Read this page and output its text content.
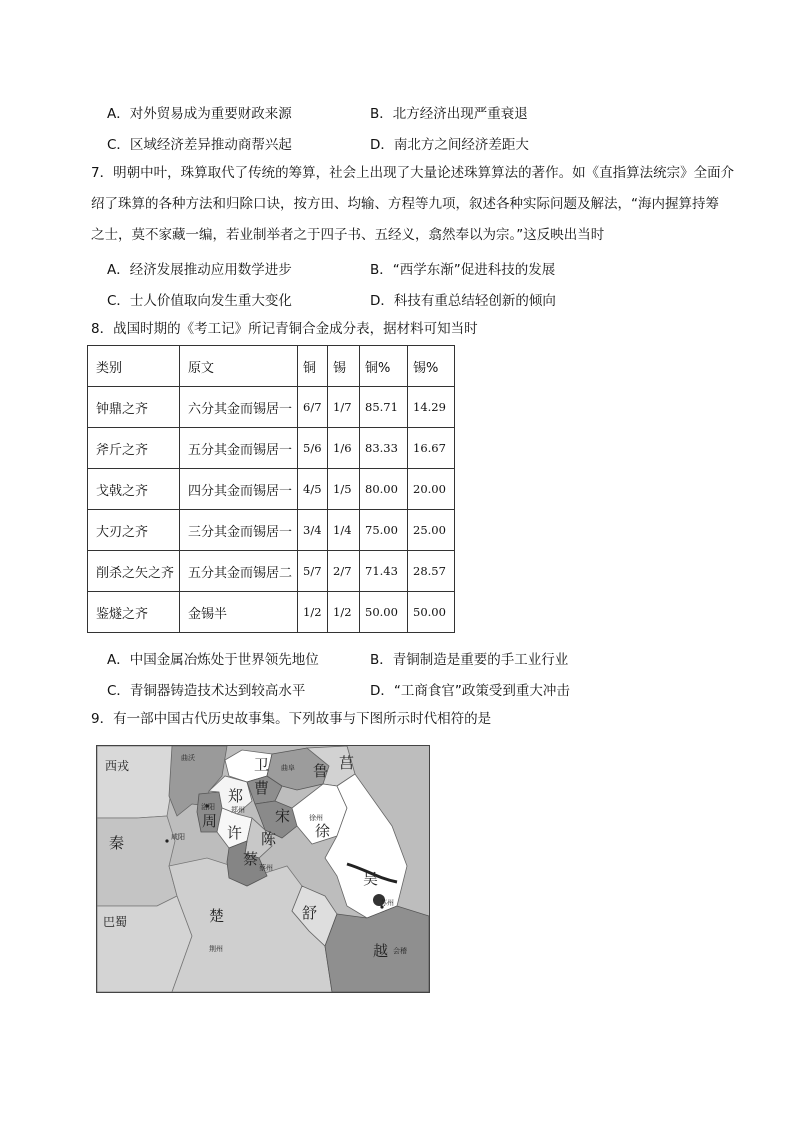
A．对外贸易成为重要财政来源	B．北方经济出现严重衰退
C．区域经济差异推动商帮兴起	D．南北方之间经济差距大
7．明朝中叶，珠算取代了传统的筹算，社会上出现了大量论述珠算算法的著作。如《直指算法统宗》全面介
绍了珠算的各种方法和归除口诀，按方田、均输、方程等九项，叙述各种实际问题及解法，“海内握算持筹
之士，莫不家藏一编，若业制举者之于四子书、五经义，翕然奉以为宗。”这反映出当时
A．经济发展推动应用数学进步	B．“西学东渐”促进科技的发展
C．士人价值取向发生重大变化	D．科技有重总结轻创新的倾向
8．战国时期的《考工记》所记青铜合金成分表，据材料可知当时
类别	原文	铜	锡	铜%	锡%
钟鼎之齐	六分其金而锡居一	6/7	1/7	85.71	14.29
斧斤之齐	五分其金而锡居一	5/6	1/6	83.33	16.67
戈戟之齐	四分其金而锡居一	4/5	1/5	80.00	20.00
大刃之齐	三分其金而锡居一	3/4	1/4	75.00	25.00
削杀之矢之齐	五分其金而锡居二	5/7	2/7	71.43	28.57
鉴燧之齐	金锡半	1/2	1/2	50.00	50.00
A．中国金属冶炼处于世界领先地位	B．青铜制造是重要的手工业行业
C．青铜器铸造技术达到较高水平	D．“工商食官”政策受到重大冲击
9．有一部中国古代历史故事集。下列故事与下图所示时代相符的是
西戎
曲沃	卫
曹
曲阜 鲁 莒
洛阳
周
郑
郑州 宋
秦	咸阳	许 陈
徐州
徐
蔡 蔡州
吴
苏州
巴蜀	楚	舒
荆州	越 会稽
